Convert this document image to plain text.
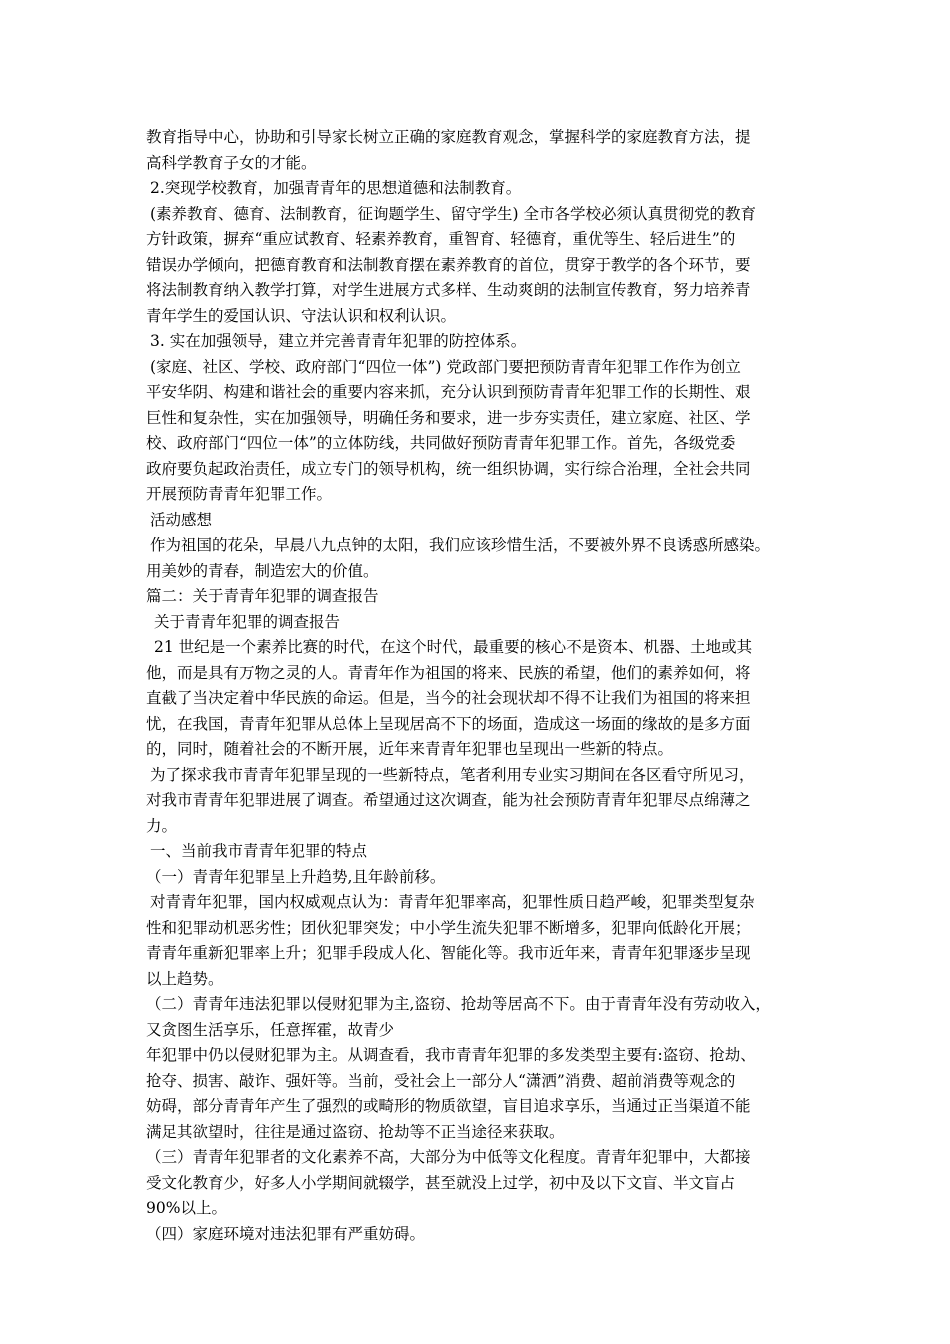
教育指导中心，协助和引导家长树立正确的家庭教育观念，掌握科学的家庭教育方法，提
高科学教育子女的才能。
2.突现学校教育，加强青青年的思想道德和法制教育。
(素养教育、德育、法制教育，征询题学生、留守学生) 全市各学校必须认真贯彻党的教育
方针政策，摒弃“重应试教育、轻素养教育，重智育、轻德育，重优等生、轻后进生”的
错误办学倾向，把德育教育和法制教育摆在素养教育的首位，贯穿于教学的各个环节，要
将法制教育纳入教学打算，对学生进展方式多样、生动爽朗的法制宣传教育，努力培养青
青年学生的爱国认识、守法认识和权利认识。
3. 实在加强领导，建立并完善青青年犯罪的防控体系。
(家庭、社区、学校、政府部门“四位一体”) 党政部门要把预防青青年犯罪工作作为创立
平安华阴、构建和谐社会的重要内容来抓，充分认识到预防青青年犯罪工作的长期性、艰
巨性和复杂性，实在加强领导，明确任务和要求，进一步夯实责任，建立家庭、社区、学
校、政府部门“四位一体”的立体防线，共同做好预防青青年犯罪工作。首先，各级党委
政府要负起政治责任，成立专门的领导机构，统一组织协调，实行综合治理，全社会共同
开展预防青青年犯罪工作。
活动感想
作为祖国的花朵，早晨八九点钟的太阳，我们应该珍惜生活，不要被外界不良诱惑所感染。
用美妙的青春，制造宏大的价值。
篇二：关于青青年犯罪的调查报告
关于青青年犯罪的调查报告
21 世纪是一个素养比赛的时代，在这个时代，最重要的核心不是资本、机器、土地或其
他，而是具有万物之灵的人。青青年作为祖国的将来、民族的希望，他们的素养如何，将
直截了当决定着中华民族的命运。但是，当今的社会现状却不得不让我们为祖国的将来担
忧，在我国，青青年犯罪从总体上呈现居高不下的场面，造成这一场面的缘故的是多方面
的，同时，随着社会的不断开展，近年来青青年犯罪也呈现出一些新的特点。
为了探求我市青青年犯罪呈现的一些新特点，笔者利用专业实习期间在各区看守所见习，
对我市青青年犯罪进展了调查。希望通过这次调查，能为社会预防青青年犯罪尽点绵薄之
力。
一、当前我市青青年犯罪的特点
（一）青青年犯罪呈上升趋势,且年龄前移。
对青青年犯罪，国内权威观点认为：青青年犯罪率高，犯罪性质日趋严峻，犯罪类型复杂
性和犯罪动机恶劣性；团伙犯罪突发；中小学生流失犯罪不断增多，犯罪向低龄化开展；
青青年重新犯罪率上升；犯罪手段成人化、智能化等。我市近年来，青青年犯罪逐步呈现
以上趋势。
（二）青青年违法犯罪以侵财犯罪为主,盗窃、抢劫等居高不下。由于青青年没有劳动收入，
又贪图生活享乐，任意挥霍，故青少
年犯罪中仍以侵财犯罪为主。从调查看，我市青青年犯罪的多发类型主要有:盗窃、抢劫、
抢夺、损害、敲诈、强奸等。当前，受社会上一部分人“潇洒”消费、超前消费等观念的
妨碍，部分青青年产生了强烈的或畸形的物质欲望，盲目追求享乐，当通过正当渠道不能
满足其欲望时，往往是通过盗窃、抢劫等不正当途径来获取。
（三）青青年犯罪者的文化素养不高，大部分为中低等文化程度。青青年犯罪中，大都接
受文化教育少，好多人小学期间就辍学，甚至就没上过学，初中及以下文盲、半文盲占
90%以上。
（四）家庭环境对违法犯罪有严重妨碍。
